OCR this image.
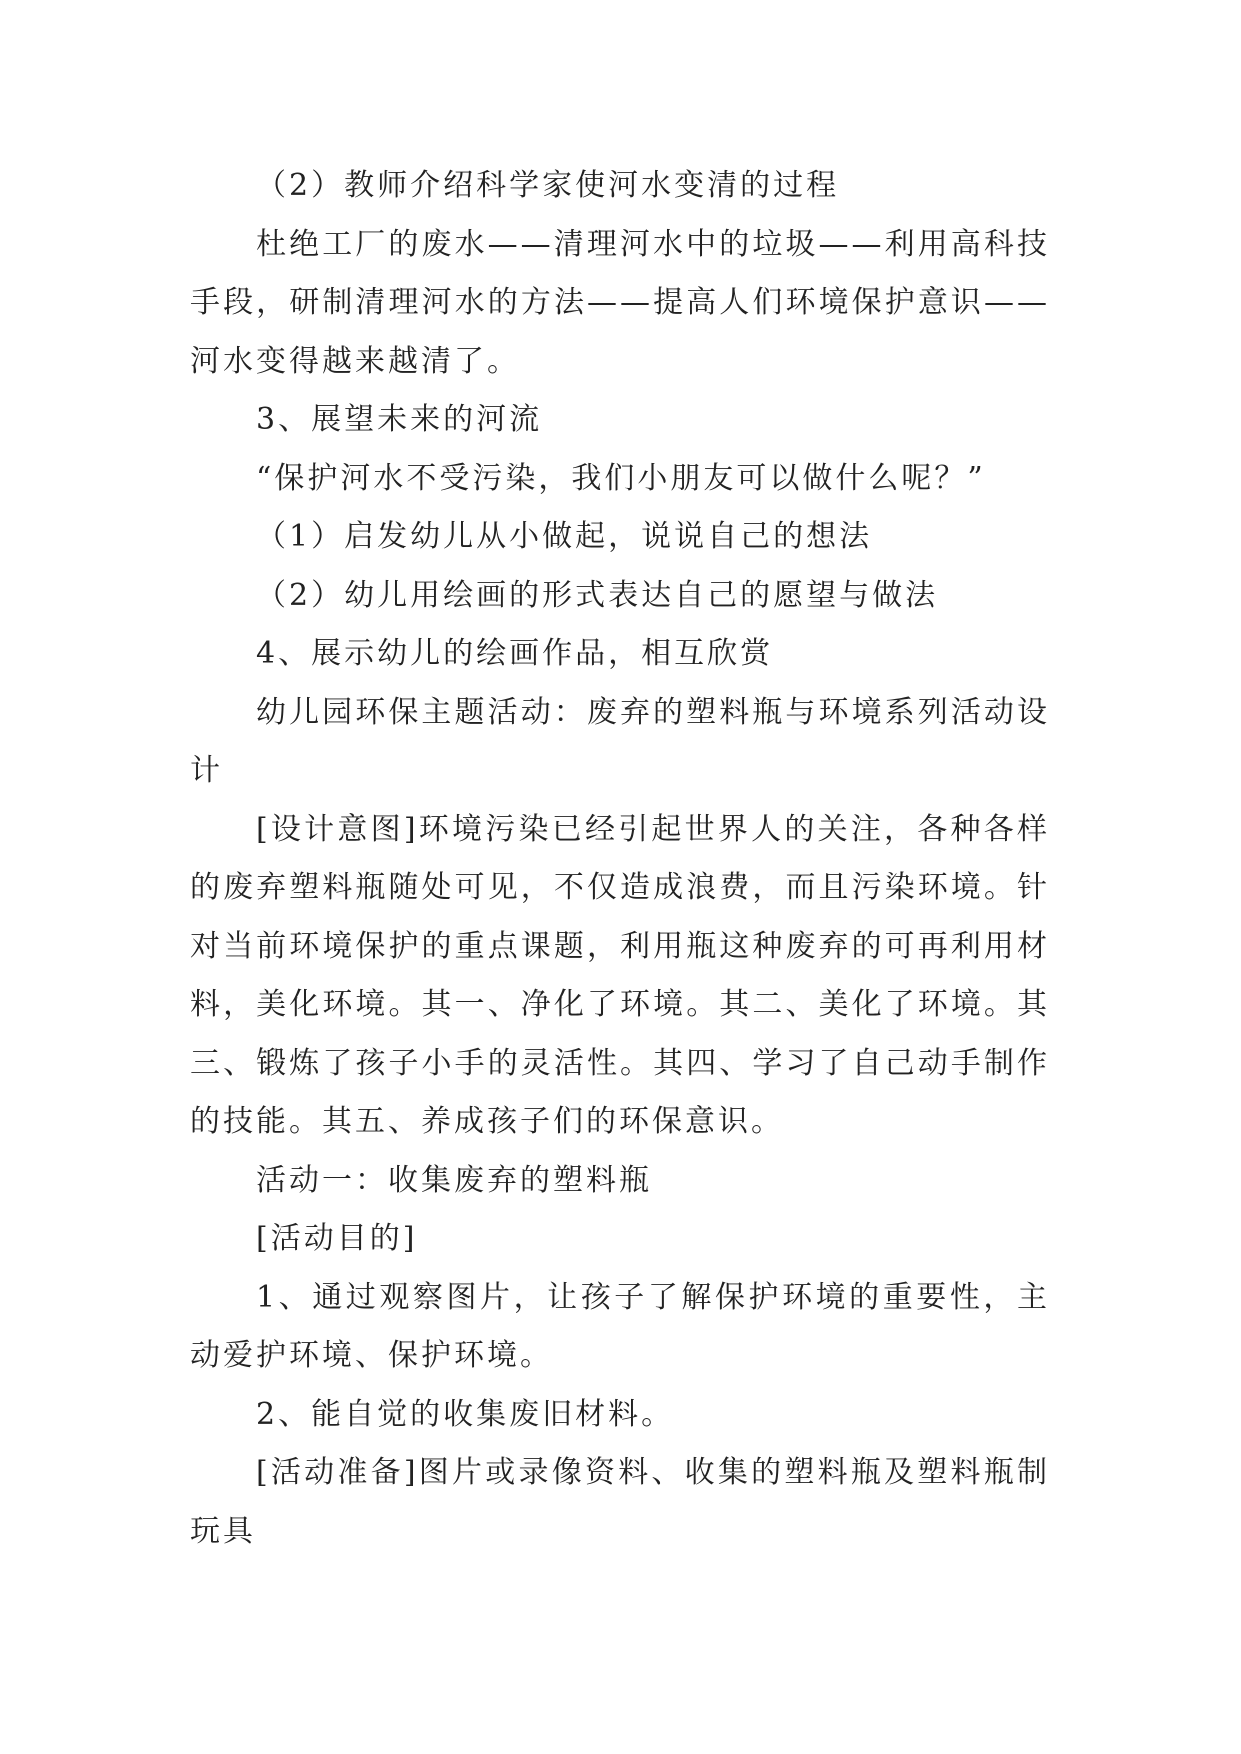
（2）教师介绍科学家使河水变清的过程

杜绝工厂的废水——清理河水中的垃圾——利用高科技手段，研制清理河水的方法——提高人们环境保护意识——河水变得越来越清了。

3、展望未来的河流

“保护河水不受污染，我们小朋友可以做什么呢？”

（1）启发幼儿从小做起，说说自己的想法

（2）幼儿用绘画的形式表达自己的愿望与做法

4、展示幼儿的绘画作品，相互欣赏

幼儿园环保主题活动：废弃的塑料瓶与环境系列活动设计

[设计意图]环境污染已经引起世界人的关注，各种各样的废弃塑料瓶随处可见，不仅造成浪费，而且污染环境。针对当前环境保护的重点课题，利用瓶这种废弃的可再利用材料，美化环境。其一、净化了环境。其二、美化了环境。其三、锻炼了孩子小手的灵活性。其四、学习了自己动手制作的技能。其五、养成孩子们的环保意识。

活动一：收集废弃的塑料瓶

[活动目的]

1、通过观察图片，让孩子了解保护环境的重要性，主动爱护环境、保护环境。

2、能自觉的收集废旧材料。

[活动准备]图片或录像资料、收集的塑料瓶及塑料瓶制玩具
